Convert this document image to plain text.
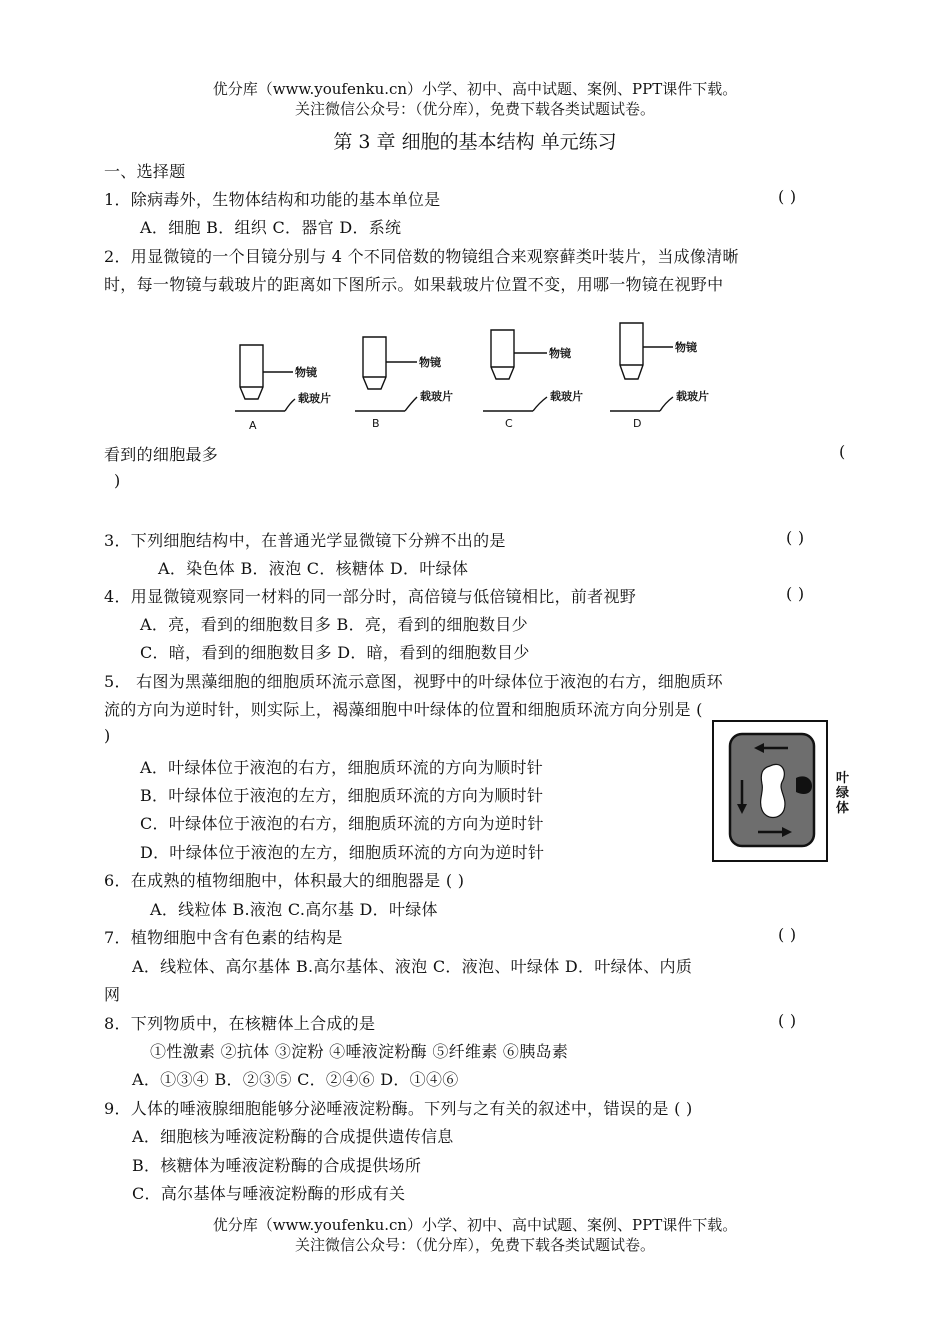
优分库（www.youfenku.cn）小学、初中、高中试题、案例、PPT课件下载。
关注微信公众号：（优分库），免费下载各类试题试卷。
第 3 章 细胞的基本结构 单元练习
一、选择题
1．除病毒外，生物体结构和功能的基本单位是	( )
A．细胞 B．组织 C．器官 D．系统
2．用显微镜的一个目镜分别与 4 个不同倍数的物镜组合来观察藓类叶装片，当成像清晰
时，每一物镜与载玻片的距离如下图所示。如果载玻片位置不变，用哪一物镜在视野中
物镜
载玻片
物镜
载玻片
物镜
载玻片
物镜
载玻片
A	B	C	D
看到的细胞最多	(
)
3．下列细胞结构中，在普通光学显微镜下分辨不出的是	( )
A．染色体 B．液泡 C．核糖体 D．叶绿体
4．用显微镜观察同一材料的同一部分时，高倍镜与低倍镜相比，前者视野	( )
A．亮，看到的细胞数目多 B．亮，看到的细胞数目少
C．暗，看到的细胞数目多 D．暗，看到的细胞数目少
5． 右图为黑藻细胞的细胞质环流示意图，视野中的叶绿体位于液泡的右方，细胞质环
流的方向为逆时针，则实际上，褐藻细胞中叶绿体的位置和细胞质环流方向分别是 (
)
A．叶绿体位于液泡的右方，细胞质环流的方向为顺时针
B．叶绿体位于液泡的左方，细胞质环流的方向为顺时针
C．叶绿体位于液泡的右方，细胞质环流的方向为逆时针
D．叶绿体位于液泡的左方，细胞质环流的方向为逆时针
叶
绿
体
6．在成熟的植物细胞中，体积最大的细胞器是 ( )
A．线粒体 B.液泡 C.高尔基 D．叶绿体
7．植物细胞中含有色素的结构是	( )
A．线粒体、高尔基体 B.高尔基体、液泡 C．液泡、叶绿体 D．叶绿体、内质
网
8．下列物质中，在核糖体上合成的是	( )
①性激素 ②抗体 ③淀粉 ④唾液淀粉酶 ⑤纤维素 ⑥胰岛素
A．①③④ B．②③⑤ C．②④⑥ D．①④⑥
9．人体的唾液腺细胞能够分泌唾液淀粉酶。下列与之有关的叙述中，错误的是 ( )
A．细胞核为唾液淀粉酶的合成提供遗传信息
B．核糖体为唾液淀粉酶的合成提供场所
C．高尔基体与唾液淀粉酶的形成有关
优分库（www.youfenku.cn）小学、初中、高中试题、案例、PPT课件下载。
关注微信公众号：（优分库），免费下载各类试题试卷。
